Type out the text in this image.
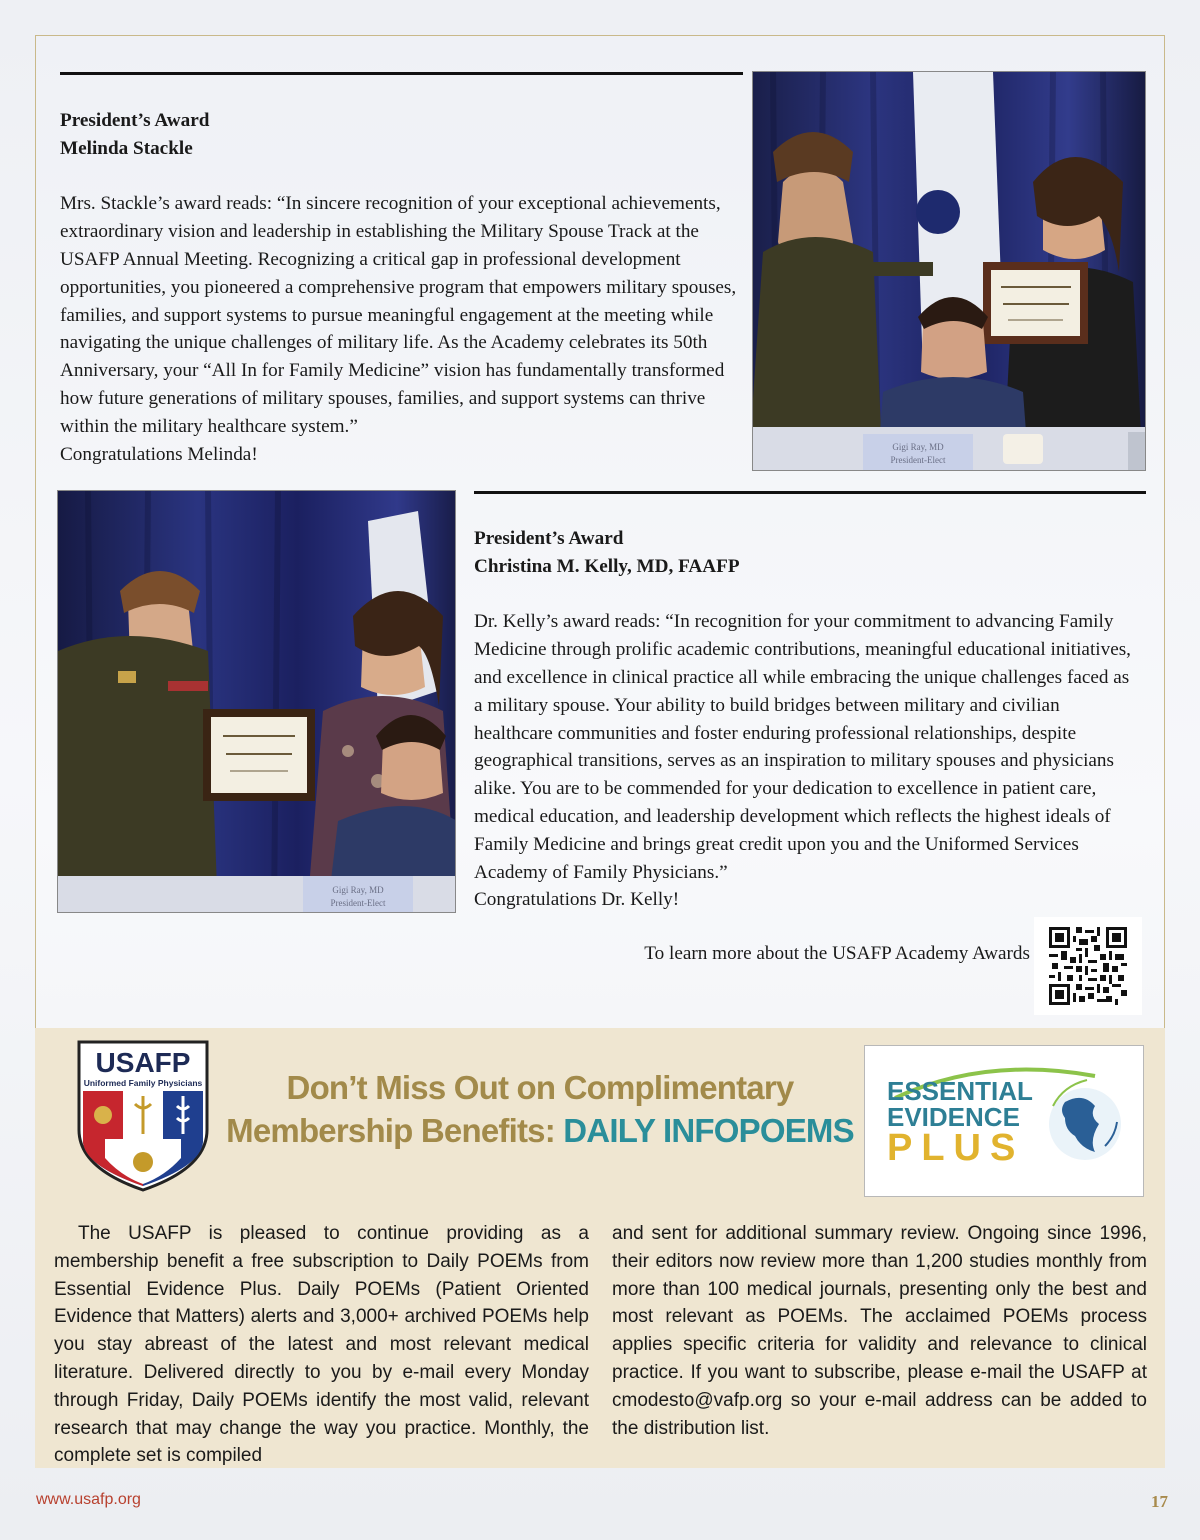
President’s Award
Melinda Stackle

Mrs. Stackle’s award reads: “In sincere recognition of your exceptional achievements, extraordinary vision and leadership in establishing the Military Spouse Track at the USAFP Annual Meeting. Recognizing a critical gap in professional development opportunities, you pioneered a comprehensive program that empowers military spouses, families, and support systems to pursue meaningful engagement at the meeting while navigating the unique challenges of military life. As the Academy celebrates its 50th Anniversary, your “All In for Family Medicine” vision has fundamentally transformed how future generations of military spouses, families, and support systems can thrive within the military healthcare system.”

Congratulations Melinda!	Gigi Ray, MD
President-Elect
Gigi Ray, MD
President-Elect
President’s Award
Christina M. Kelly, MD, FAAFP

Dr. Kelly’s award reads: “In recognition for your commitment to advancing Family Medicine through prolific academic contributions, meaningful educational initiatives, and excellence in clinical practice all while embracing the unique challenges faced as a military spouse. Your ability to build bridges between military and civilian healthcare communities and foster enduring professional relationships, despite geographical transitions, serves as an inspiration to military spouses and physicians alike. You are to be commended for your dedication to excellence in patient care, medical education, and leadership development which reflects the highest ideals of Family Medicine and brings great credit upon you and the Uniformed Services Academy of Family Physicians.”

Congratulations Dr. Kelly!

To learn more about the USAFP Academy Awards
USAFP
Uniformed Family Physicians	Don’t Miss Out on Complimentary
Membership Benefits: DAILY INFOPOEMS
ESSENTIAL
EVIDENCE
PLUS
The USAFP is pleased to continue providing as a membership benefit a free subscription to Daily POEMs from Essential Evidence Plus. Daily POEMs (Patient Oriented Evidence that Matters) alerts and 3,000+ archived POEMs help you stay abreast of the latest and most relevant medical literature. Delivered directly to you by e-mail every Monday through Friday, Daily POEMs identify the most valid, relevant research that may change the way you practice. Monthly, the complete set is compiled
and sent for additional summary review. Ongoing since 1996, their editors now review more than 1,200 studies monthly from more than 100 medical journals, presenting only the best and most relevant as POEMs. The acclaimed POEMs process applies specific criteria for validity and relevance to clinical practice. If you want to subscribe, please e-mail the USAFP at cmodesto@vafp.org so your e-mail address can be added to the distribution list.
www.usafp.org	17
